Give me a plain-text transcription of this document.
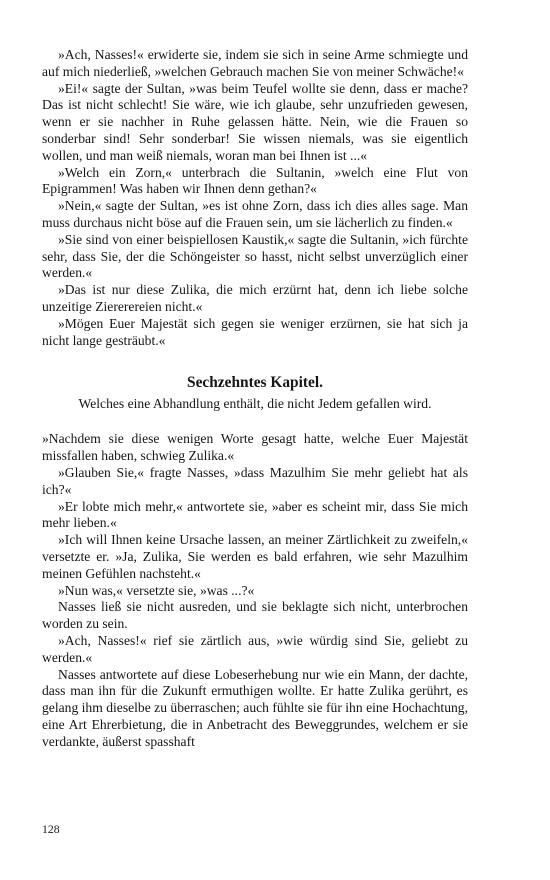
»Ach, Nasses!« erwiderte sie, indem sie sich in seine Arme schmiegte und auf mich niederließ, »welchen Gebrauch machen Sie von meiner Schwäche!«

»Ei!« sagte der Sultan, »was beim Teufel wollte sie denn, dass er mache? Das ist nicht schlecht! Sie wäre, wie ich glaube, sehr unzufrieden gewesen, wenn er sie nachher in Ruhe gelassen hätte. Nein, wie die Frauen so sonderbar sind! Sehr sonderbar! Sie wissen niemals, was sie eigentlich wollen, und man weiß niemals, woran man bei Ihnen ist ...«

»Welch ein Zorn,« unterbrach die Sultanin, »welch eine Flut von Epigrammen! Was haben wir Ihnen denn gethan?«

»Nein,« sagte der Sultan, »es ist ohne Zorn, dass ich dies alles sage. Man muss durchaus nicht böse auf die Frauen sein, um sie lächerlich zu finden.«

»Sie sind von einer beispiellosen Kaustik,« sagte die Sultanin, »ich fürchte sehr, dass Sie, der die Schöngeister so hasst, nicht selbst unverzüglich einer werden.«

»Das ist nur diese Zulika, die mich erzürnt hat, denn ich liebe solche unzeitige Ziererereien nicht.«

»Mögen Euer Majestät sich gegen sie weniger erzürnen, sie hat sich ja nicht lange gesträubt.«

Sechzehntes Kapitel.
Welches eine Abhandlung enthält, die nicht Jedem gefallen wird.

»Nachdem sie diese wenigen Worte gesagt hatte, welche Euer Majestät missfallen haben, schwieg Zulika.«

»Glauben Sie,« fragte Nasses, »dass Mazulhim Sie mehr geliebt hat als ich?«

»Er lobte mich mehr,« antwortete sie, »aber es scheint mir, dass Sie mich mehr lieben.«

»Ich will Ihnen keine Ursache lassen, an meiner Zärtlichkeit zu zweifeln,« versetzte er. »Ja, Zulika, Sie werden es bald erfahren, wie sehr Mazulhim meinen Gefühlen nachsteht.«

»Nun was,« versetzte sie, »was ...?«

Nasses ließ sie nicht ausreden, und sie beklagte sich nicht, unterbrochen worden zu sein.

»Ach, Nasses!« rief sie zärtlich aus, »wie würdig sind Sie, geliebt zu werden.«

Nasses antwortete auf diese Lobeserhebung nur wie ein Mann, der dachte, dass man ihn für die Zukunft ermuthigen wollte. Er hatte Zulika gerührt, es gelang ihm dieselbe zu überraschen; auch fühlte sie für ihn eine Hochachtung, eine Art Ehrerbietung, die in Anbetracht des Beweggrundes, welchem er sie verdankte, äußerst spasshaft

128
